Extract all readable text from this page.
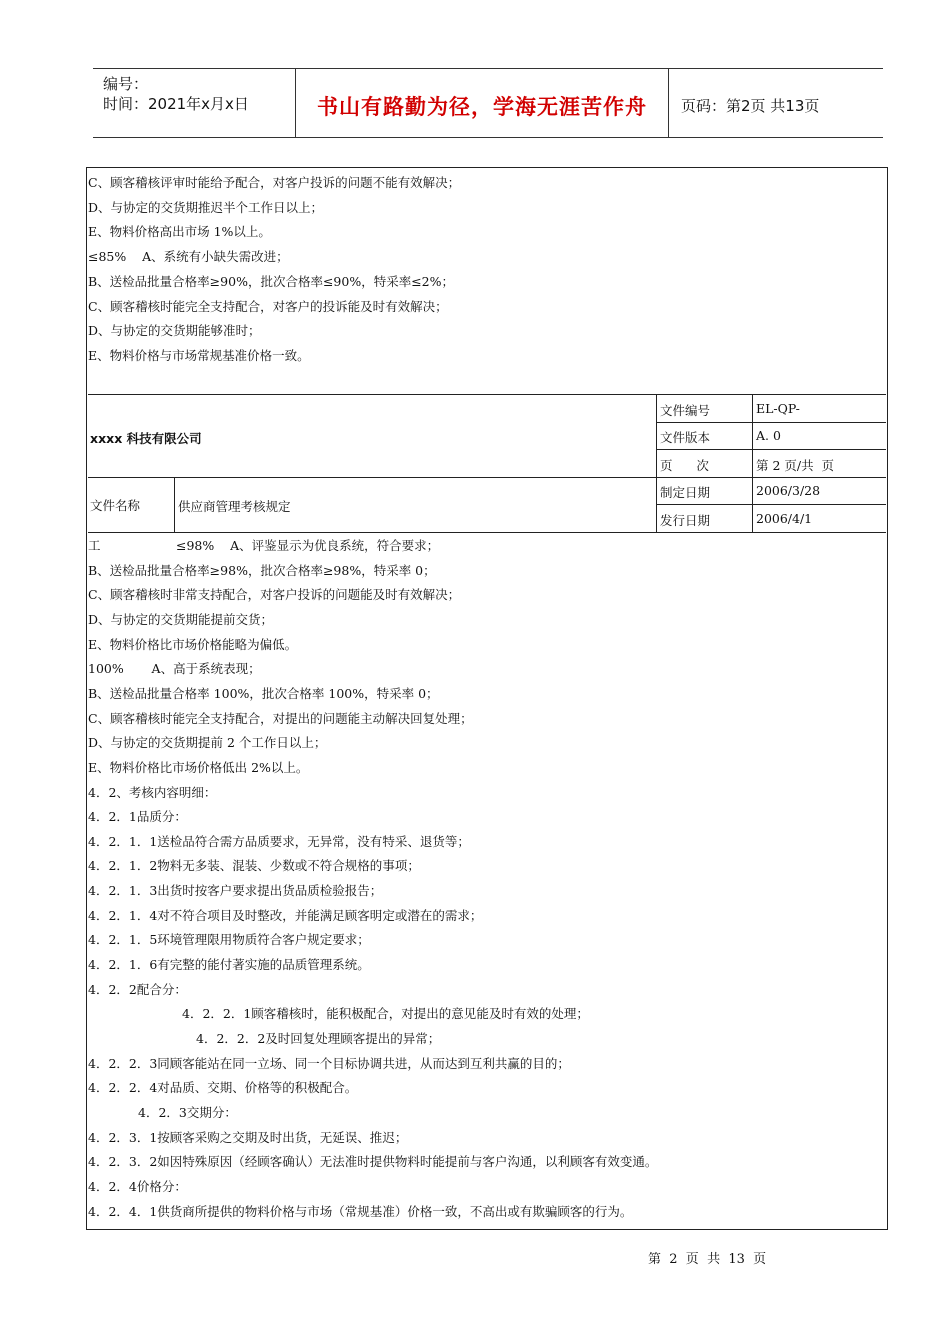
编号：
时间：2021年x月x日	书山有路勤为径，学海无涯苦作舟	页码：第2页 共13页
C、顾客稽核评审时能给予配合，对客户投诉的问题不能有效解决；
D、与协定的交货期推迟半个工作日以上；
E、物料价格高出市场 1%以上。
≤85%    A、系统有小缺失需改进；
B、送检品批量合格率≥90%，批次合格率≤90%，特采率≤2%；
C、顾客稽核时能完全支持配合，对客户的投诉能及时有效解决；
D、与协定的交货期能够准时；
E、物料价格与市场常规基准价格一致。
xxxx 科技有限公司
文件名称	供应商管理考核规定
文件编号	EL-QP-
文件版本	A. 0
页      次	第 2 页/共  页
制定日期	2006/3/28
发行日期	2006/4/1
工                   ≤98%    A、评鉴显示为优良系统，符合要求；
B、送检品批量合格率≥98%，批次合格率≥98%，特采率 0；
C、顾客稽核时非常支持配合，对客户投诉的问题能及时有效解决；
D、与协定的交货期能提前交货；
E、物料价格比市场价格能略为偏低。
100%       A、高于系统表现；
B、送检品批量合格率 100%，批次合格率 100%，特采率 0；
C、顾客稽核时能完全支持配合，对提出的问题能主动解决回复处理；
D、与协定的交货期提前 2 个工作日以上；
E、物料价格比市场价格低出 2%以上。
4．2、考核内容明细：
4．2．1品质分：
4．2．1．1送检品符合需方品质要求，无异常，没有特采、退货等；
4．2．1．2物料无多装、混装、少数或不符合规格的事项；
4．2．1．3出货时按客户要求提出货品质检验报告；
4．2．1．4对不符合项目及时整改，并能满足顾客明定或潜在的需求；
4．2．1．5环境管理限用物质符合客户规定要求；
4．2．1．6有完整的能付著实施的品质管理系统。
4．2．2配合分：
4．2．2．1顾客稽核时，能积极配合，对提出的意见能及时有效的处理；
4．2．2．2及时回复处理顾客提出的异常；
4．2．2．3同顾客能站在同一立场、同一个目标协调共进，从而达到互利共赢的目的；
4．2．2．4对品质、交期、价格等的积极配合。
4．2．3交期分：
4．2．3．1按顾客采购之交期及时出货，无延误、推迟；
4．2．3．2如因特殊原因（经顾客确认）无法准时提供物料时能提前与客户沟通，以利顾客有效变通。
4．2．4价格分：
4．2．4．1供货商所提供的物料价格与市场（常规基准）价格一致，不高出或有欺骗顾客的行为。
第  2  页  共  13  页
